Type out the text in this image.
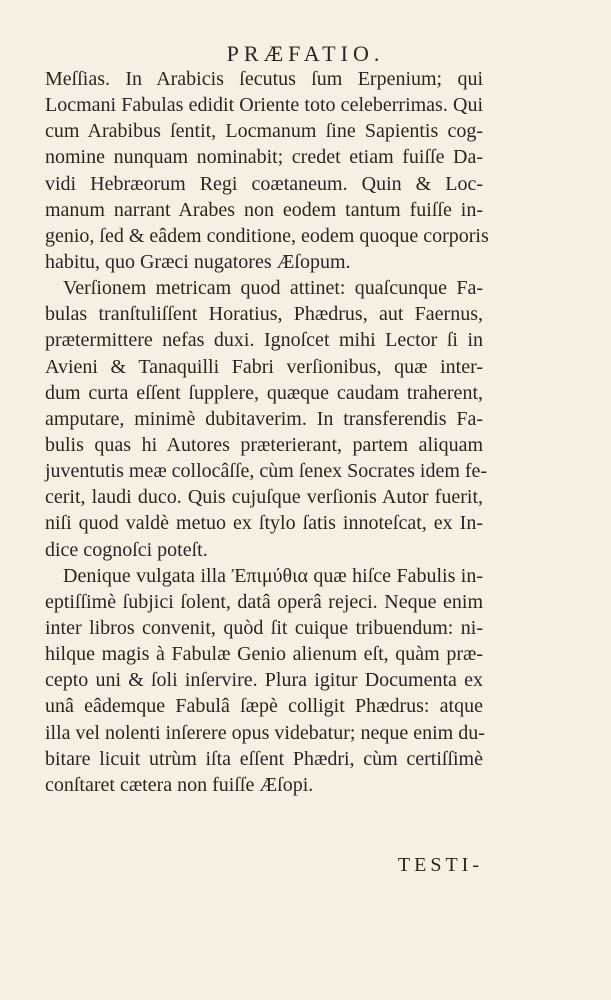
PRÆFATIO.
Meſſias. In Arabicis ſecutus ſum Erpenium; qui
Locmani Fabulas edidit Oriente toto celeberrimas. Qui
cum Arabibus ſentit, Locmanum ſine Sapientis cog-
nomine nunquam nominabit; credet etiam fuiſſe Da-
vidi Hebræorum Regi coætaneum. Quin & Loc-
manum narrant Arabes non eodem tantum fuiſſe in-
genio, ſed & eâdem conditione, eodem quoque corporis
habitu, quo Græci nugatores Æſopum.
Verſionem metricam quod attinet: quaſcunque Fa-
bulas tranſtuliſſent Horatius, Phædrus, aut Faernus,
prætermittere nefas duxi. Ignoſcet mihi Lector ſi in
Avieni & Tanaquilli Fabri verſionibus, quæ inter-
dum curta eſſent ſupplere, quæque caudam traherent,
amputare, minimè dubitaverim. In transferendis Fa-
bulis quas hi Autores præterierant, partem aliquam
juventutis meæ collocâſſe, cùm ſenex Socrates idem fe-
cerit, laudi duco. Quis cujuſque verſionis Autor fuerit,
niſi quod valdè metuo ex ſtylo ſatis innoteſcat, ex In-
dice cognoſci poteſt.
Denique vulgata illa Ἐπιμύθια quæ hiſce Fabulis in-
eptiſſimè ſubjici ſolent, datâ operâ rejeci. Neque enim
inter libros convenit, quòd ſit cuique tribuendum: ni-
hilque magis à Fabulæ Genio alienum eſt, quàm præ-
cepto uni & ſoli inſervire. Plura igitur Documenta ex
unâ eâdemque Fabulâ ſæpè colligit Phædrus: atque
illa vel nolenti inſerere opus videbatur; neque enim du-
bitare licuit utrùm iſta eſſent Phædri, cùm certiſſimè
conſtaret cætera non fuiſſe Æſopi.
TESTI-
